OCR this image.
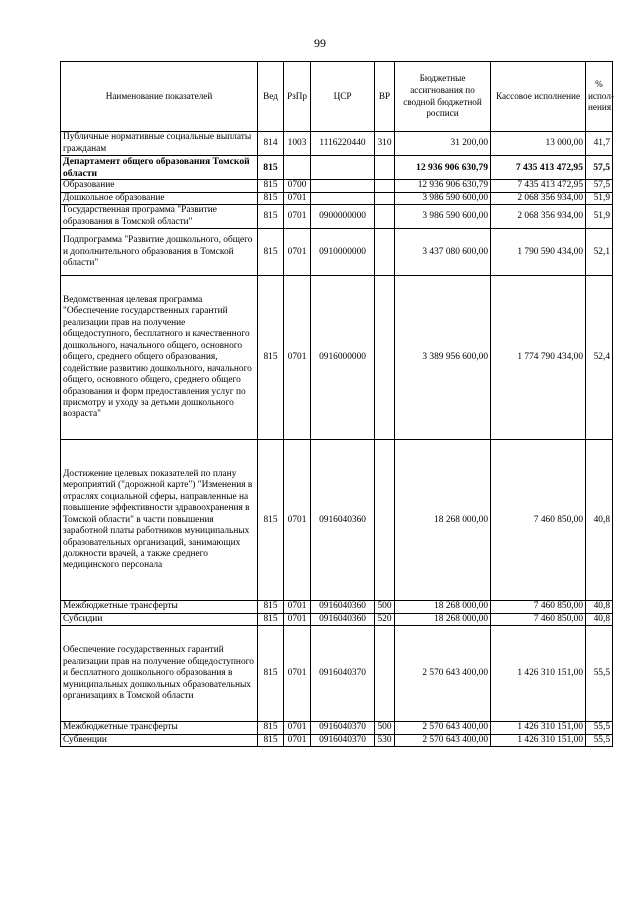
99
Наименование показателей	Вед	РзПр	ЦСР	ВР	Бюджетные ассигнования по сводной бюджетной росписи	Кассовое исполнение	% испол-нения
Публичные нормативные социальные выплаты гражданам	814	1003	1116220440	310	31 200,00	13 000,00	41,7
Департамент общего образования Томской области	815				12 936 906 630,79	7 435 413 472,95	57,5
Образование	815	0700			12 936 906 630,79	7 435 413 472,95	57,5
Дошкольное образование	815	0701			3 986 590 600,00	2 068 356 934,00	51,9
Государственная программа "Развитие образования в Томской области"	815	0701	0900000000		3 986 590 600,00	2 068 356 934,00	51,9
Подпрограмма "Развитие дошкольного, общего и дополнительного образования в Томской области"	815	0701	0910000000		3 437 080 600,00	1 790 590 434,00	52,1
Ведомственная целевая программа "Обеспечение государственных гарантий реализации прав на получение общедоступного, бесплатного и качественного дошкольного, начального общего, основного общего, среднего общего образования, содействие развитию дошкольного, начального общего, основного общего, среднего общего образования и форм предоставления услуг по присмотру и уходу за детьми дошкольного возраста"	815	0701	0916000000		3 389 956 600,00	1 774 790 434,00	52,4
Достижение целевых показателей по плану мероприятий ("дорожной карте") "Изменения в отраслях социальной сферы, направленные на повышение эффективности здравоохранения в Томской области" в части повышения заработной платы работников муниципальных образовательных организаций, занимающих должности врачей, а также среднего медицинского персонала	815	0701	0916040360		18 268 000,00	7 460 850,00	40,8
Межбюджетные трансферты	815	0701	0916040360	500	18 268 000,00	7 460 850,00	40,8
Субсидии	815	0701	0916040360	520	18 268 000,00	7 460 850,00	40,8
Обеспечение государственных гарантий реализации прав на получение общедоступного и бесплатного дошкольного образования в муниципальных дошкольных образовательных организациях в Томской области	815	0701	0916040370		2 570 643 400,00	1 426 310 151,00	55,5
Межбюджетные трансферты	815	0701	0916040370	500	2 570 643 400,00	1 426 310 151,00	55,5
Субвенции	815	0701	0916040370	530	2 570 643 400,00	1 426 310 151,00	55,5
